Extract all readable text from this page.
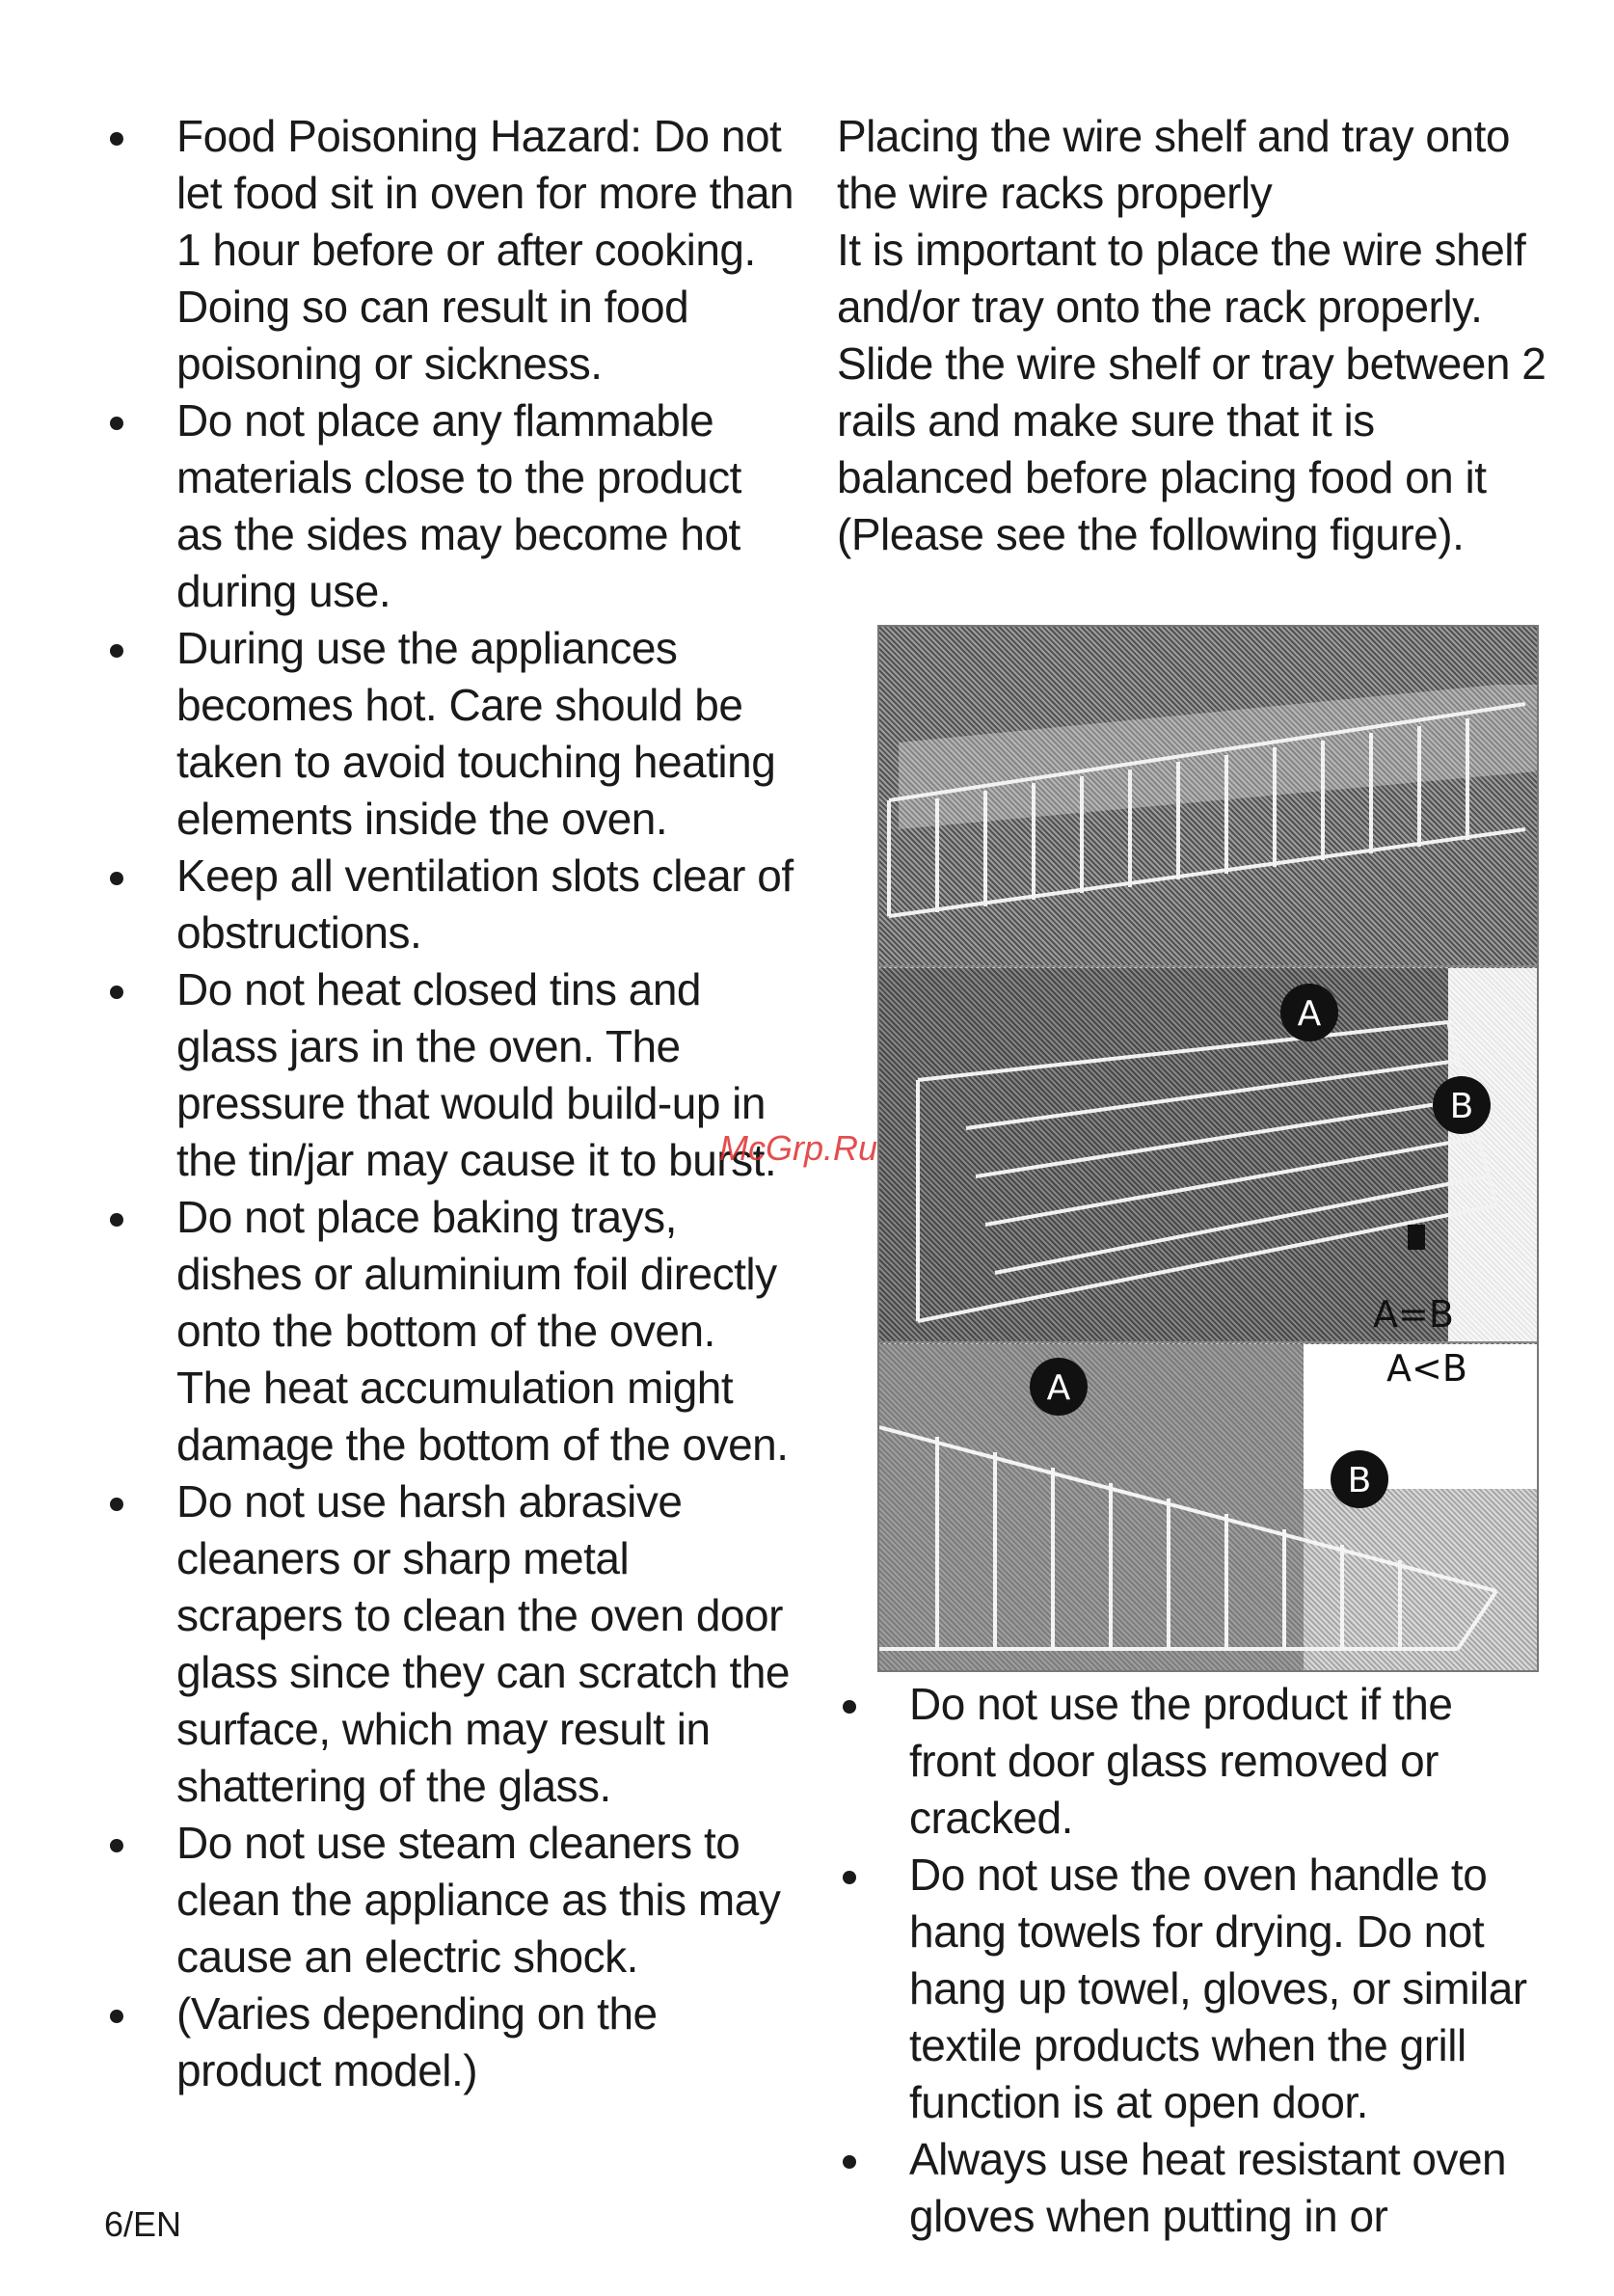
Food Poisoning Hazard: Do not let food sit in oven for more than 1 hour before or after cooking. Doing so can result in food poisoning or sickness.
Do not place any flammable materials close to the product as the sides may become hot during use.
During use the appliances becomes hot. Care should be taken to avoid touching heating elements inside the oven.
Keep all ventilation slots clear of obstructions.
Do not heat closed tins and glass jars in the oven. The pressure that would build-up in the tin/jar may cause it to burst.
Do not place baking trays, dishes or aluminium foil directly onto the bottom of the oven. The heat accumulation might damage the bottom of the oven.
Do not use harsh abrasive cleaners or sharp metal scrapers to clean the oven door glass since they can scratch the surface, which may result in shattering of the glass.
Do not use steam cleaners to clean the appliance as this may cause an electric shock.
(Varies depending on the product model.)

Placing the wire shelf and tray onto the wire racks properly

It is important to place the wire shelf and/or tray onto the rack properly. Slide the wire shelf or tray between 2 rails and make sure that it is balanced before placing food on it (Please see the following figure).

A
B
A=B
A<B
A
B
Do not use the product if the front door glass removed or cracked.
Do not use the oven handle to hang towels for drying. Do not hang up towel, gloves, or similar textile products when the grill function is at open door.
Always use heat resistant oven gloves when putting in or
McGrp.Ru
6/EN
